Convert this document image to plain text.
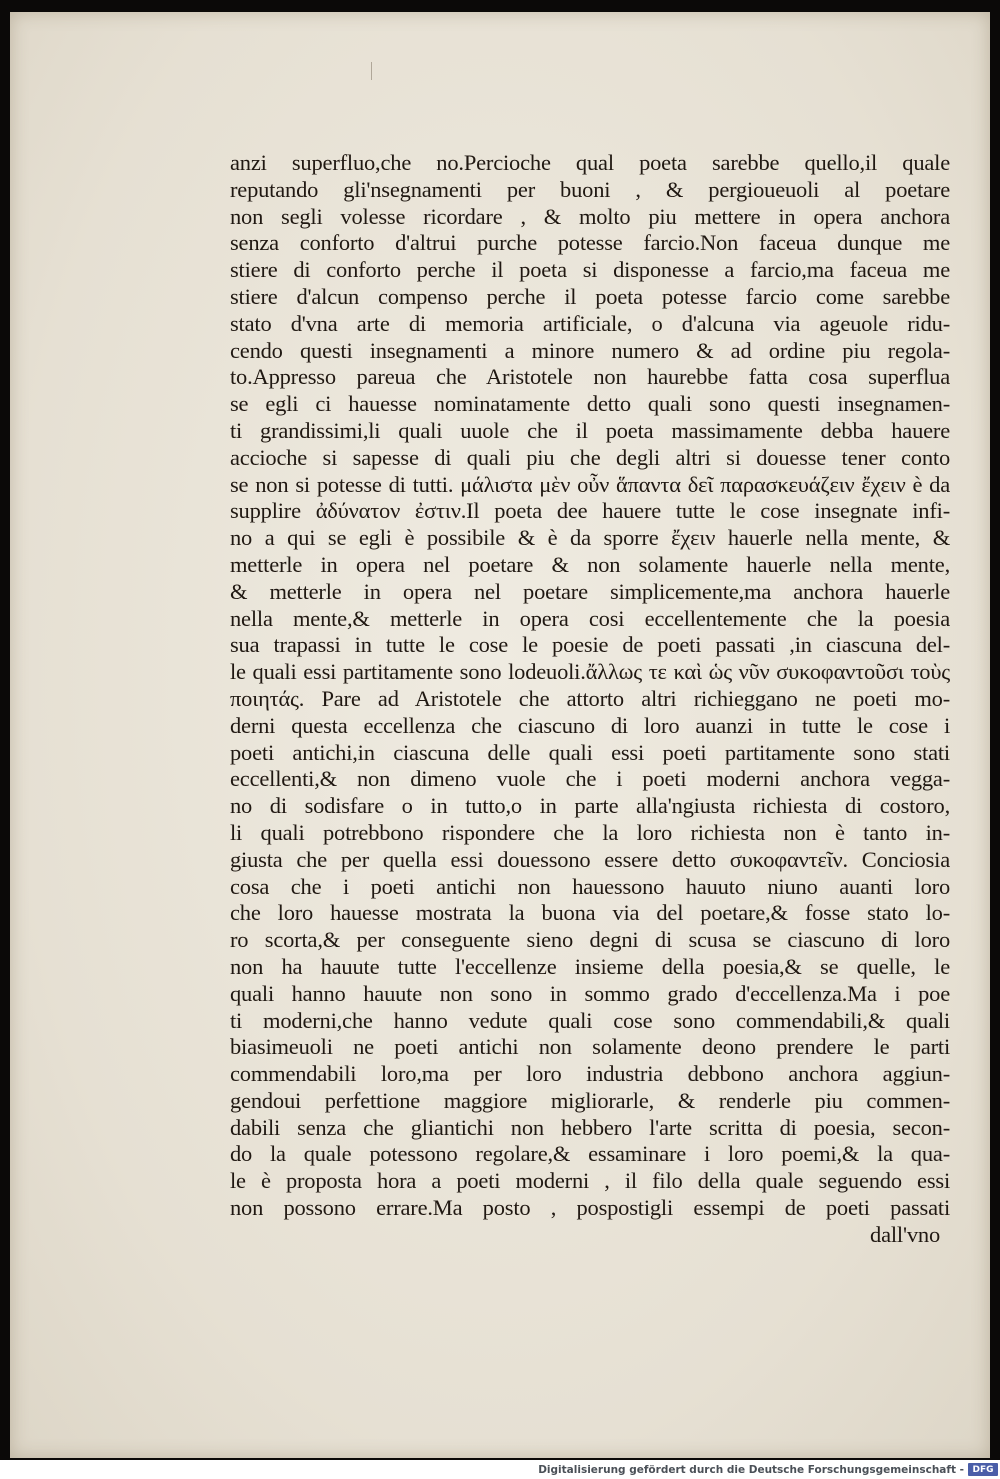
anzi superfluo,che no.Percioche qual poeta sarebbe quello,il quale
reputando gli'nsegnamenti per buoni , & pergioueuoli al poetare
non segli volesse ricordare , & molto piu mettere in opera anchora
senza conforto d'altrui purche potesse farcio.Non faceua dunque me
stiere di conforto perche il poeta si disponesse a farcio,ma faceua me
stiere d'alcun compenso perche il poeta potesse farcio come sarebbe
stato d'vna arte di memoria artificiale, o d'alcuna via ageuole ridu-
cendo questi insegnamenti a minore numero & ad ordine piu regola-
to.Appresso pareua che Aristotele non haurebbe fatta cosa superflua
se egli ci hauesse nominatamente detto quali sono questi insegnamen-
ti grandissimi,li quali uuole che il poeta massimamente debba hauere
accioche si sapesse di quali piu che degli altri si douesse tener conto
se non si potesse di tutti. μάλιστα μὲν οὖν ἅπαντα δεῖ παρασκευάζειν ἔχειν è da
supplire ἀδύνατον ἐστιν.Il poeta dee hauere tutte le cose insegnate infi-
no a qui se egli è possibile & è da sporre ἔχειν hauerle nella mente, &
metterle in opera nel poetare & non solamente hauerle nella mente,
& metterle in opera nel poetare simplicemente,ma anchora hauerle
nella mente,& metterle in opera cosi eccellentemente che la poesia
sua trapassi in tutte le cose le poesie de poeti passati ,in ciascuna del-
le quali essi partitamente sono lodeuoli.ἄλλως τε καὶ ὡς νῦν συκοφαντοῦσι τοὺς
ποιητάς. Pare ad Aristotele che attorto altri richieggano ne poeti mo-
derni questa eccellenza che ciascuno di loro auanzi in tutte le cose i
poeti antichi,in ciascuna delle quali essi poeti partitamente sono stati
eccellenti,& non dimeno vuole che i poeti moderni anchora vegga-
no di sodisfare o in tutto,o in parte alla'ngiusta richiesta di costoro,
li quali potrebbono rispondere che la loro richiesta non è tanto in-
giusta che per quella essi douessono essere detto συκοφαντεῖν. Conciosia
cosa che i poeti antichi non hauessono hauuto niuno auanti loro
che loro hauesse mostrata la buona via del poetare,& fosse stato lo-
ro scorta,& per conseguente sieno degni di scusa se ciascuno di loro
non ha hauute tutte l'eccellenze insieme della poesia,& se quelle, le
quali hanno hauute non sono in sommo grado d'eccellenza.Ma i poe
ti moderni,che hanno vedute quali cose sono commendabili,& quali
biasimeuoli ne poeti antichi non solamente deono prendere le parti
commendabili loro,ma per loro industria debbono anchora aggiun-
gendoui perfettione maggiore migliorarle, & renderle piu commen-
dabili senza che gliantichi non hebbero l'arte scritta di poesia, secon-
do la quale potessono regolare,& essaminare i loro poemi,& la qua-
le è proposta hora a poeti moderni , il filo della quale seguendo essi
non possono errare.Ma posto , pospostigli essempi de poeti passati
dall'vno
Digitalisierung gefördert durch die Deutsche Forschungsgemeinschaft - DFG
